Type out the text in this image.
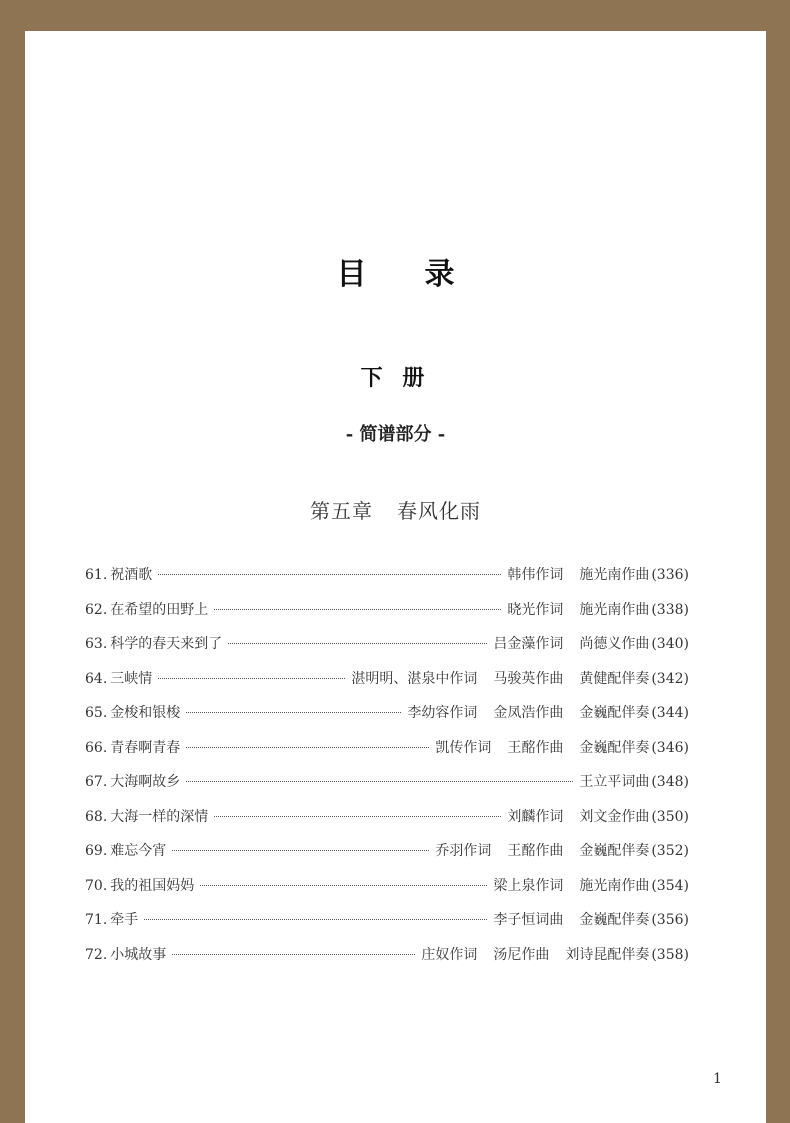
目录
下 册
- 简谱部分 -
第五章 春风化雨
61. 祝酒歌	韩伟作词 施光南作曲 (336)
62. 在希望的田野上	晓光作词 施光南作曲 (338)
63. 科学的春天来到了	吕金藻作词 尚德义作曲 (340)
64. 三峡情	湛明明、湛泉中作词 马骏英作曲 黄健配伴奏 (342)
65. 金梭和银梭	李幼容作词 金凤浩作曲 金巍配伴奏 (344)
66. 青春啊青春	凯传作词 王酩作曲 金巍配伴奏 (346)
67. 大海啊故乡	王立平词曲 (348)
68. 大海一样的深情	刘麟作词 刘文金作曲 (350)
69. 难忘今宵	乔羽作词 王酩作曲 金巍配伴奏 (352)
70. 我的祖国妈妈	梁上泉作词 施光南作曲 (354)
71. 牵手	李子恒词曲 金巍配伴奏 (356)
72. 小城故事	庄奴作词 汤尼作曲 刘诗昆配伴奏 (358)
1
